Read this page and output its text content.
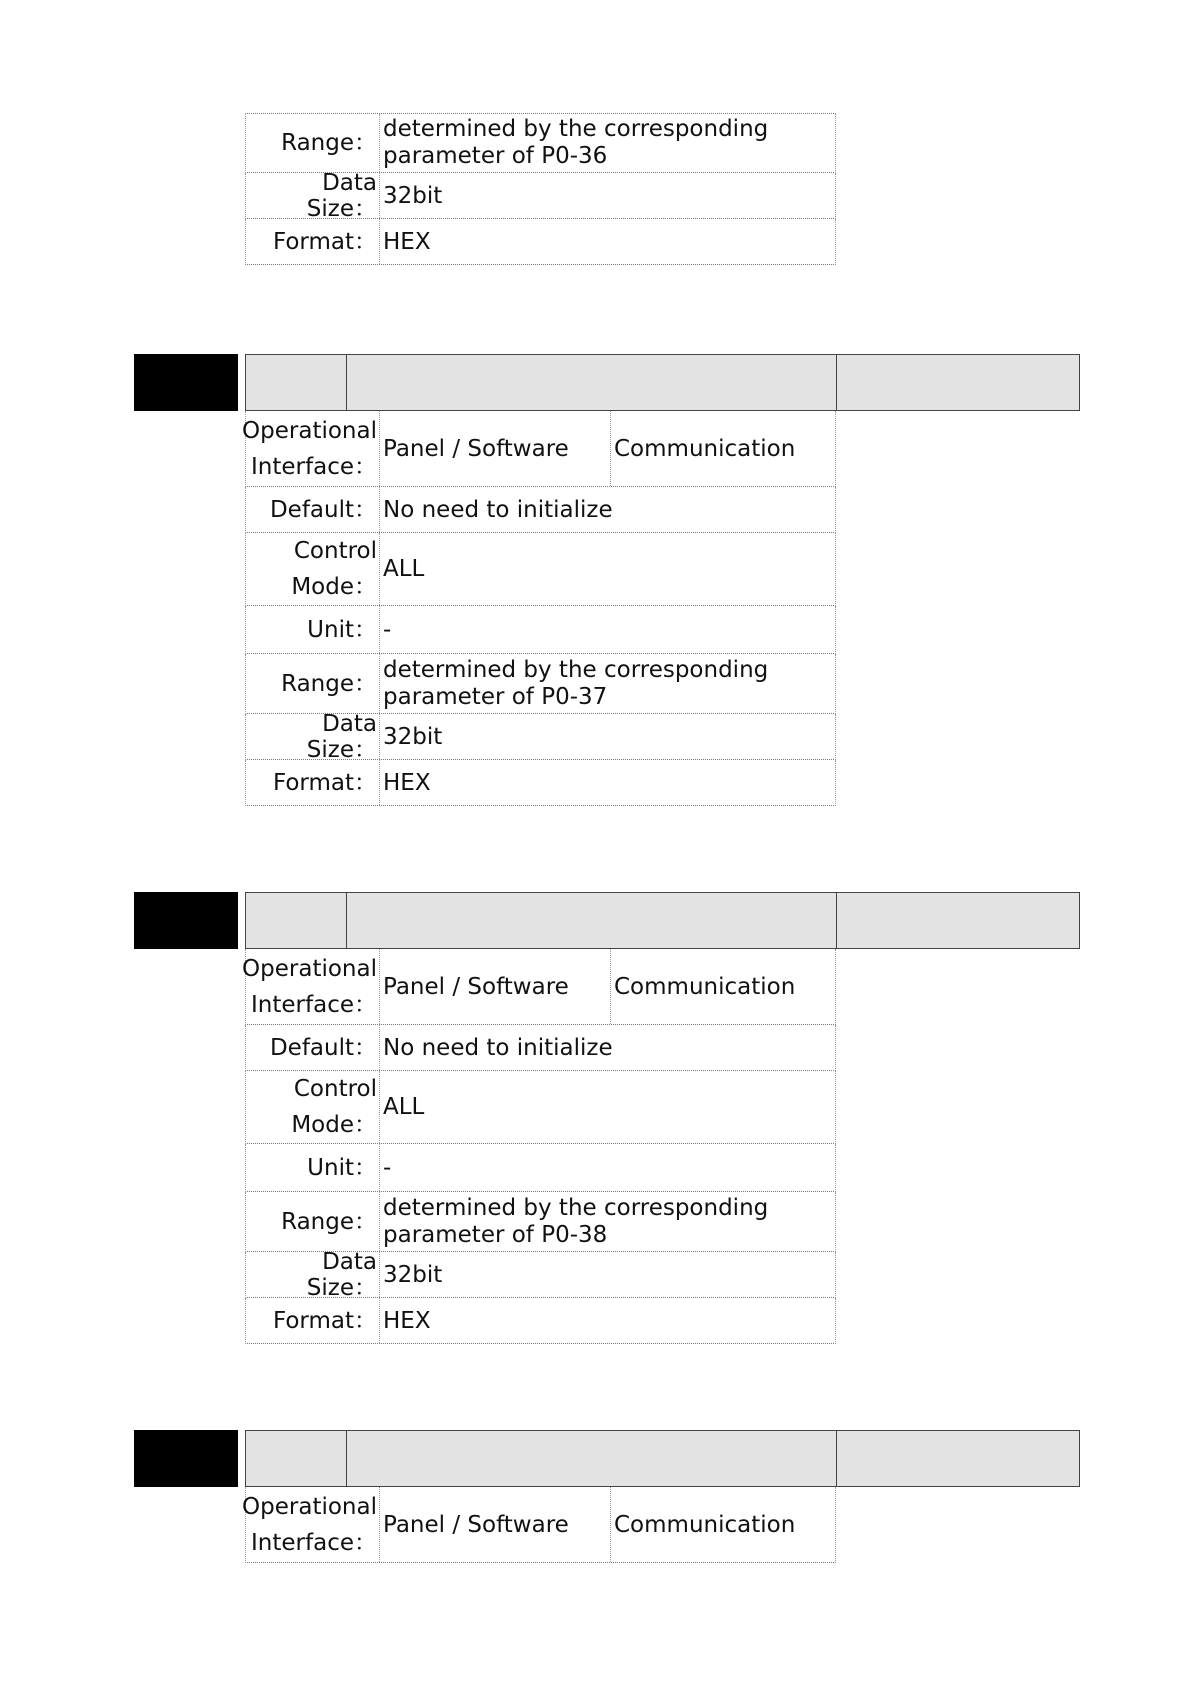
Range：
determined by the corresponding
parameter of P0-36
Data Size： 32bit
Format： HEX
Operational
Interface：
Panel / Software Communication
Default： No need to initialize
Control
Mode：
ALL
Unit： -
Range：
determined by the corresponding
parameter of P0-37
Data Size： 32bit
Format： HEX
Operational
Interface：
Panel / Software Communication
Default： No need to initialize
Control
Mode：
ALL
Unit： -
Range：
determined by the corresponding
parameter of P0-38
Data Size： 32bit
Format： HEX
Operational
Interface：
Panel / Software Communication
